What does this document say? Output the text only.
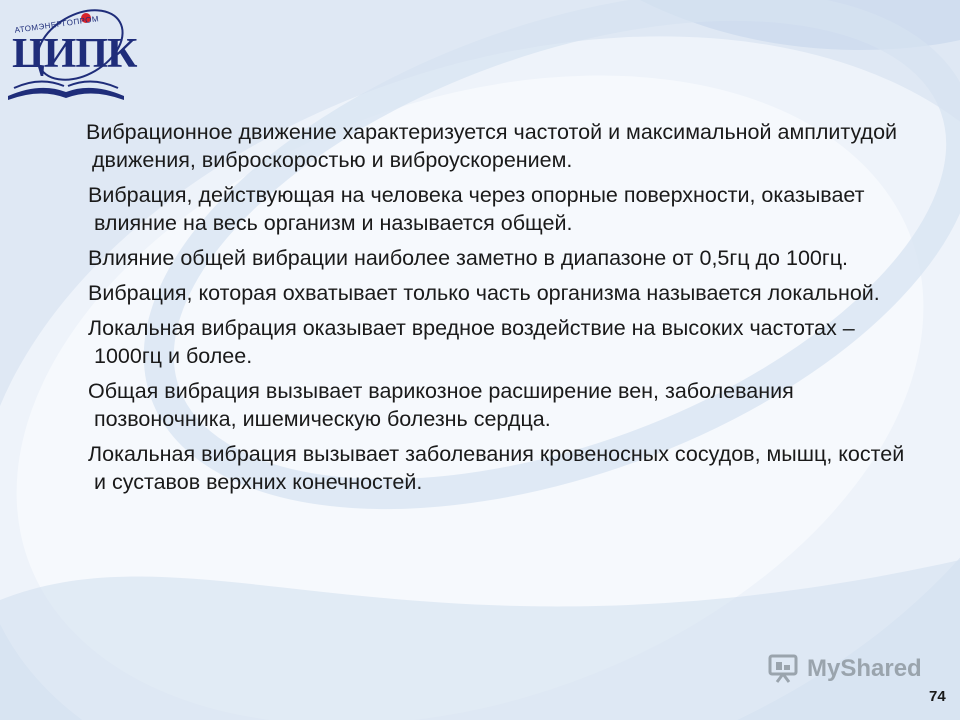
АТОМЭНЕРГОПРОМ
ЦИПК

Вибрационное движение характеризуется частотой и максимальной амплитудой движения, виброскоростью и виброускорением.

Вибрация, действующая на человека через опорные поверхности, оказывает влияние на весь организм и называется общей.

Влияние общей вибрации наиболее заметно в диапазоне от 0,5гц до 100гц.

Вибрация, которая охватывает только часть организма называется локальной.

Локальная вибрация оказывает вредное воздействие на высоких частотах – 1000гц и более.

Общая вибрация вызывает варикозное расширение вен, заболевания позвоночника, ишемическую болезнь сердца.

Локальная вибрация вызывает заболевания кровеносных сосудов, мышц, костей и суставов верхних конечностей.

MyShared
74
